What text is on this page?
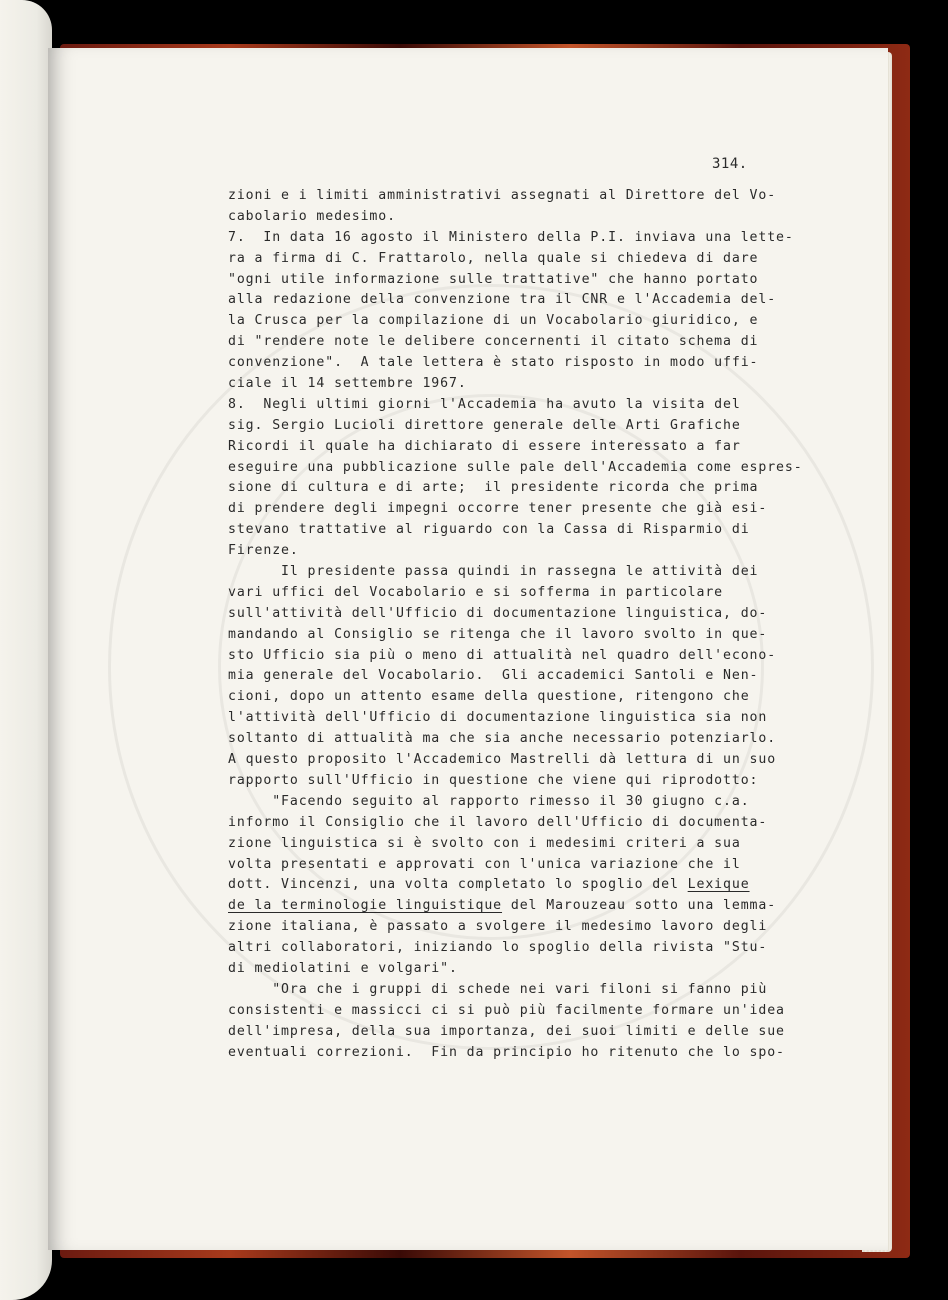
314.
zioni e i limiti amministrativi assegnati al Direttore del Vo-
cabolario medesimo.
7.  In data 16 agosto il Ministero della P.I. inviava una lette-
ra a firma di C. Frattarolo, nella quale si chiedeva di dare
"ogni utile informazione sulle trattative" che hanno portato
alla redazione della convenzione tra il CNR e l'Accademia del-
la Crusca per la compilazione di un Vocabolario giuridico, e
di "rendere note le delibere concernenti il citato schema di
convenzione".  A tale lettera è stato risposto in modo uffi-
ciale il 14 settembre 1967.
8.  Negli ultimi giorni l'Accademia ha avuto la visita del
sig. Sergio Lucioli direttore generale delle Arti Grafiche
Ricordi il quale ha dichiarato di essere interessato a far
eseguire una pubblicazione sulle pale dell'Accademia come espres-
sione di cultura e di arte;  il presidente ricorda che prima
di prendere degli impegni occorre tener presente che già esi-
stevano trattative al riguardo con la Cassa di Risparmio di
Firenze.
Il presidente passa quindi in rassegna le attività dei
vari uffici del Vocabolario e si sofferma in particolare
sull'attività dell'Ufficio di documentazione linguistica, do-
mandando al Consiglio se ritenga che il lavoro svolto in que-
sto Ufficio sia più o meno di attualità nel quadro dell'econo-
mia generale del Vocabolario.  Gli accademici Santoli e Nen-
cioni, dopo un attento esame della questione, ritengono che
l'attività dell'Ufficio di documentazione linguistica sia non
soltanto di attualità ma che sia anche necessario potenziarlo.
A questo proposito l'Accademico Mastrelli dà lettura di un suo
rapporto sull'Ufficio in questione che viene qui riprodotto:
"Facendo seguito al rapporto rimesso il 30 giugno c.a.
informo il Consiglio che il lavoro dell'Ufficio di documenta-
zione linguistica si è svolto con i medesimi criteri a sua
volta presentati e approvati con l'unica variazione che il
dott. Vincenzi, una volta completato lo spoglio del Lexique
de la terminologie linguistique del Marouzeau sotto una lemma-
zione italiana, è passato a svolgere il medesimo lavoro degli
altri collaboratori, iniziando lo spoglio della rivista "Stu-
di mediolatini e volgari".
"Ora che i gruppi di schede nei vari filoni si fanno più
consistenti e massicci ci si può più facilmente formare un'idea
dell'impresa, della sua importanza, dei suoi limiti e delle sue
eventuali correzioni.  Fin da principio ho ritenuto che lo spo-
